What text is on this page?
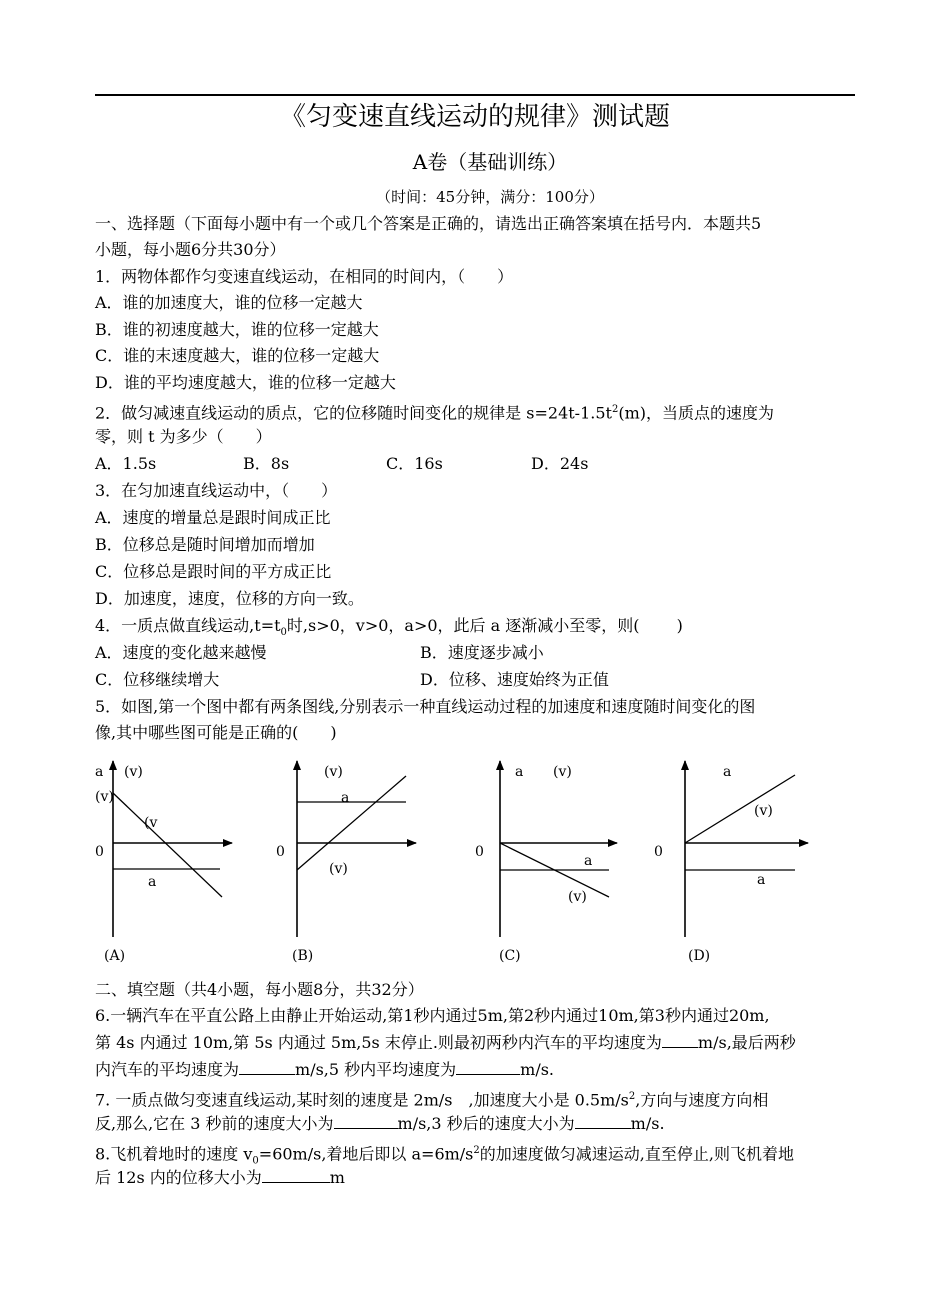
《匀变速直线运动的规律》测试题
A卷（基础训练）
（时间：45分钟，满分：100分）
一、选择题（下面每小题中有一个或几个答案是正确的，请选出正确答案填在括号内．本题共5
小题，每小题6分共30分）
1．两物体都作匀变速直线运动，在相同的时间内，（　　）
A．谁的加速度大，谁的位移一定越大
B．谁的初速度越大，谁的位移一定越大
C．谁的末速度越大，谁的位移一定越大
D．谁的平均速度越大，谁的位移一定越大
2．做匀减速直线运动的质点，它的位移随时间变化的规律是 $s=24t-1.5t^2(m)$，当质点的速度为
零，则 t 为多少（　　）
A．1.5s	B．8s	C．16s	D．24s
3．在匀加速直线运动中，（　　）
A．速度的增量总是跟时间成正比
B．位移总是随时间增加而增加
C．位移总是跟时间的平方成正比
D．加速度，速度，位移的方向一致。
4．一质点做直线运动$,t=t_0$时,s>0，v>0，a>0，此后 a 逐渐减小至零，则(　　 )
A．速度的变化越来越慢	B．速度逐步减小
C．位移继续增大	D．位移、速度始终为正值
5．如图,第一个图中都有两条图线,分别表示一种直线运动过程的加速度和速度随时间变化的图
像,其中哪些图可能是正确的(　　)
a (v)
(v)
(v
0
a
(A)
(v)
a
0
(v)
(B)
a (v)
0
a
(v)
(C)
a
(v)
0
a
(D)
二、填空题（共4小题，每小题8分，共32分）
6.一辆汽车在平直公路上由静止开始运动,第1秒内通过5m,第2秒内通过10m,第3秒内通过20m,
第 4s 内通过 10m,第 5s 内通过 5m,5s 末停止.则最初两秒内汽车的平均速度为 m/s,最后两秒
内汽车的平均速度为	m/s,5 秒内平均速度为	m/s.
7. 一质点做匀变速直线运动,某时刻的速度是 2m/s　,加速度大小是 $0.5m/s^2$,方向与速度方向相
反,那么,它在 3 秒前的速度大小为	m/s,3 秒后的速度大小为	m/s.
8.飞机着地时的速度 $v_0=60m/s$,着地后即以 $a=6m/s^2$的加速度做匀减速运动,直至停止,则飞机着地
后 12s 内的位移大小为	m
